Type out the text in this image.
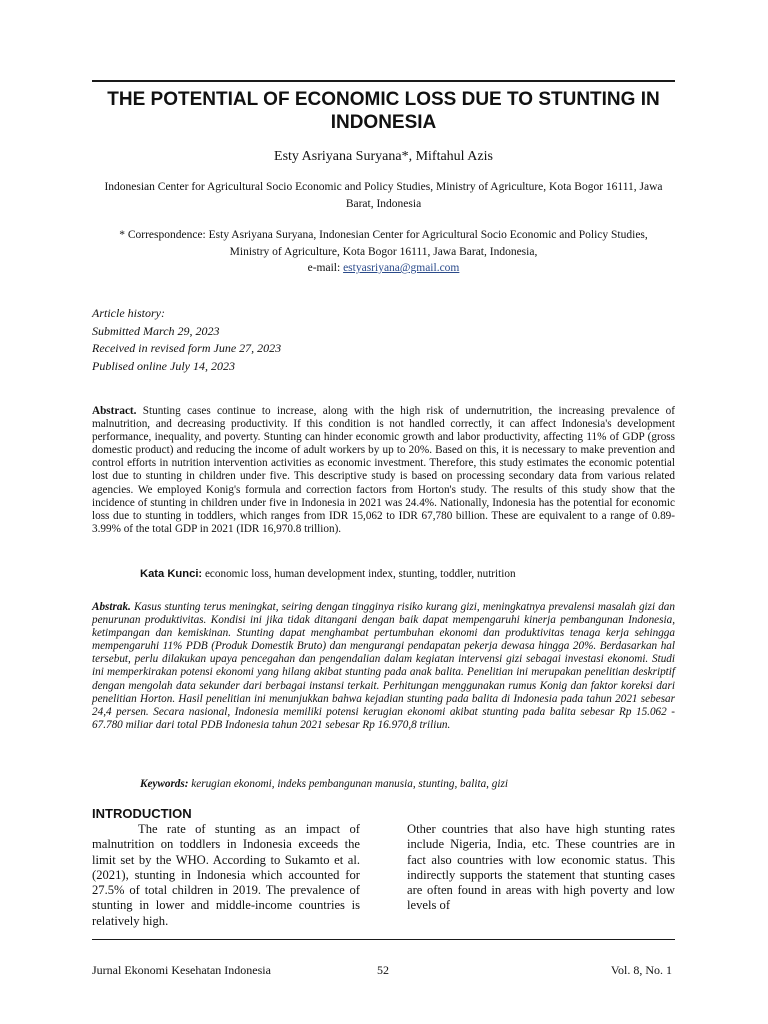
THE POTENTIAL OF ECONOMIC LOSS DUE TO STUNTING IN INDONESIA
Esty Asriyana Suryana*, Miftahul Azis
Indonesian Center for Agricultural Socio Economic and Policy Studies, Ministry of Agriculture, Kota Bogor 16111, Jawa Barat, Indonesia
* Correspondence: Esty Asriyana Suryana, Indonesian Center for Agricultural Socio Economic and Policy Studies, Ministry of Agriculture, Kota Bogor 16111, Jawa Barat, Indonesia,
e-mail: estyasriyana@gmail.com
Article history:
Submitted March 29, 2023
Received in revised form June 27, 2023
Publised online July 14, 2023

Abstract. Stunting cases continue to increase, along with the high risk of undernutrition, the increasing prevalence of malnutrition, and decreasing productivity. If this condition is not handled correctly, it can affect Indonesia's development performance, inequality, and poverty. Stunting can hinder economic growth and labor productivity, affecting 11% of GDP (gross domestic product) and reducing the income of adult workers by up to 20%. Based on this, it is necessary to make prevention and control efforts in nutrition intervention activities as economic investment. Therefore, this study estimates the economic potential lost due to stunting in children under five. This descriptive study is based on processing secondary data from various related agencies. We employed Konig's formula and correction factors from Horton's study. The results of this study show that the incidence of stunting in children under five in Indonesia in 2021 was 24.4%. Nationally, Indonesia has the potential for economic loss due to stunting in toddlers, which ranges from IDR 15,062 to IDR 67,780 billion. These are equivalent to a range of 0.89-3.99% of the total GDP in 2021 (IDR 16,970.8 trillion).

Kata Kunci: economic loss, human development index, stunting, toddler, nutrition

Abstrak. Kasus stunting terus meningkat, seiring dengan tingginya risiko kurang gizi, meningkatnya prevalensi masalah gizi dan penurunan produktivitas. Kondisi ini jika tidak ditangani dengan baik dapat mempengaruhi kinerja pembangunan Indonesia, ketimpangan dan kemiskinan. Stunting dapat menghambat pertumbuhan ekonomi dan produktivitas tenaga kerja sehingga mempengaruhi 11% PDB (Produk Domestik Bruto) dan mengurangi pendapatan pekerja dewasa hingga 20%. Berdasarkan hal tersebut, perlu dilakukan upaya pencegahan dan pengendalian dalam kegiatan intervensi gizi sebagai investasi ekonomi. Studi ini memperkirakan potensi ekonomi yang hilang akibat stunting pada anak balita. Penelitian ini merupakan penelitian deskriptif dengan mengolah data sekunder dari berbagai instansi terkait. Perhitungan menggunakan rumus Konig dan faktor koreksi dari penelitian Horton. Hasil penelitian ini menunjukkan bahwa kejadian stunting pada balita di Indonesia pada tahun 2021 sebesar 24,4 persen. Secara nasional, Indonesia memiliki potensi kerugian ekonomi akibat stunting pada balita sebesar Rp 15.062 - 67.780 miliar dari total PDB Indonesia tahun 2021 sebesar Rp 16.970,8 triliun.

Keywords: kerugian ekonomi, indeks pembangunan manusia, stunting, balita, gizi
INTRODUCTION

The rate of stunting as an impact of malnutrition on toddlers in Indonesia exceeds the limit set by the WHO. According to Sukamto et al. (2021), stunting in Indonesia which accounted for 27.5% of total children in 2019. The prevalence of stunting in lower and middle-income countries is relatively high.

Other countries that also have high stunting rates include Nigeria, India, etc. These countries are in fact also countries with low economic status. This indirectly supports the statement that stunting cases are often found in areas with high poverty and low levels of

Jurnal Ekonomi Kesehatan Indonesia	52	Vol. 8, No. 1
